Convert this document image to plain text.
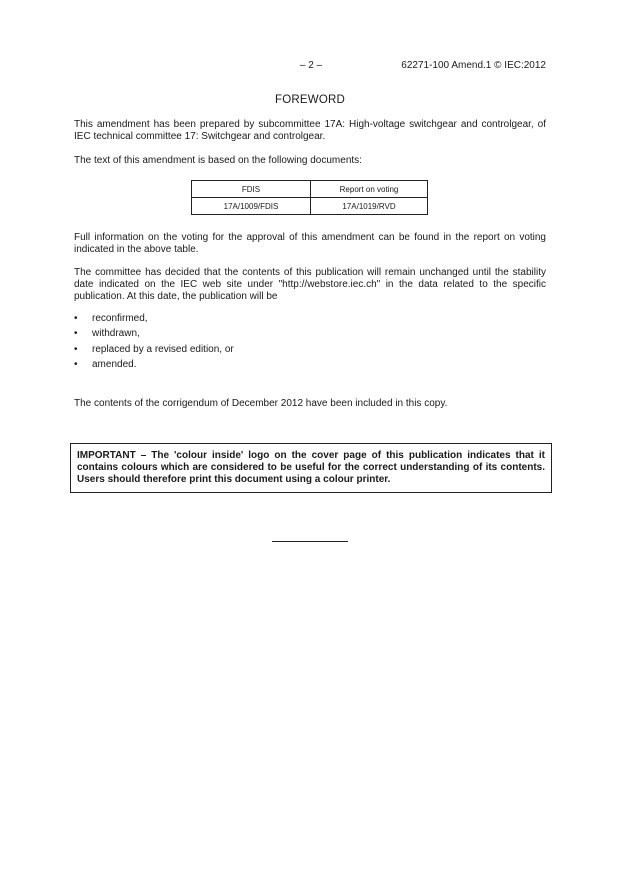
– 2 –	62271-100 Amend.1 © IEC:2012
FOREWORD

This amendment has been prepared by subcommittee 17A: High-voltage switchgear and controlgear, of IEC technical committee 17: Switchgear and controlgear.

The text of this amendment is based on the following documents:

FDIS	Report on voting
17A/1009/FDIS	17A/1019/RVD

Full information on the voting for the approval of this amendment can be found in the report on voting indicated in the above table.

The committee has decided that the contents of this publication will remain unchanged until the stability date indicated on the IEC web site under "http://webstore.iec.ch" in the data related to the specific publication. At this date, the publication will be

• reconfirmed,
• withdrawn,
• replaced by a revised edition, or
• amended.

The contents of the corrigendum of December 2012 have been included in this copy.

IMPORTANT – The 'colour inside' logo on the cover page of this publication indicates that it contains colours which are considered to be useful for the correct understanding of its contents. Users should therefore print this document using a colour printer.
